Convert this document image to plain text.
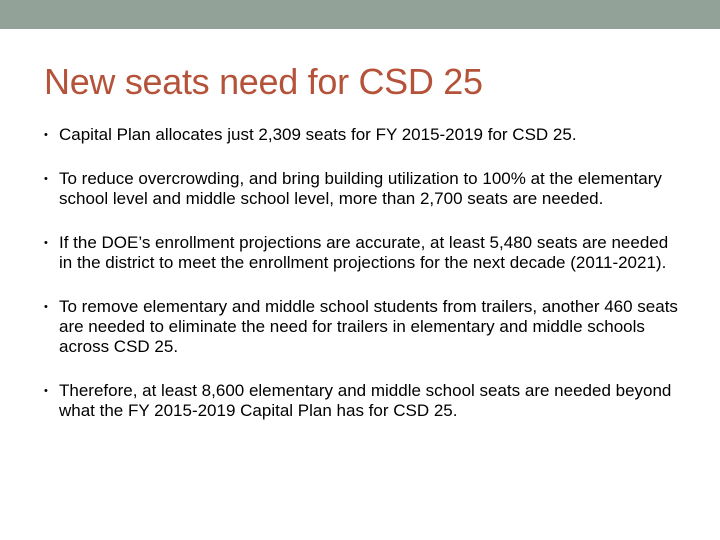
New seats need for CSD 25
• Capital Plan allocates just 2,309 seats for FY 2015-2019 for CSD 25.
• To reduce overcrowding, and bring building utilization to 100% at the elementary school level and middle school level, more than 2,700 seats are needed.
• If the DOE’s enrollment projections are accurate, at least 5,480 seats are needed in the district to meet the enrollment projections for the next decade (2011-2021).
• To remove elementary and middle school students from trailers, another 460 seats are needed to eliminate the need for trailers in elementary and middle schools across CSD 25.
• Therefore, at least 8,600 elementary and middle school seats are needed beyond what the FY 2015-2019 Capital Plan has for CSD 25.
